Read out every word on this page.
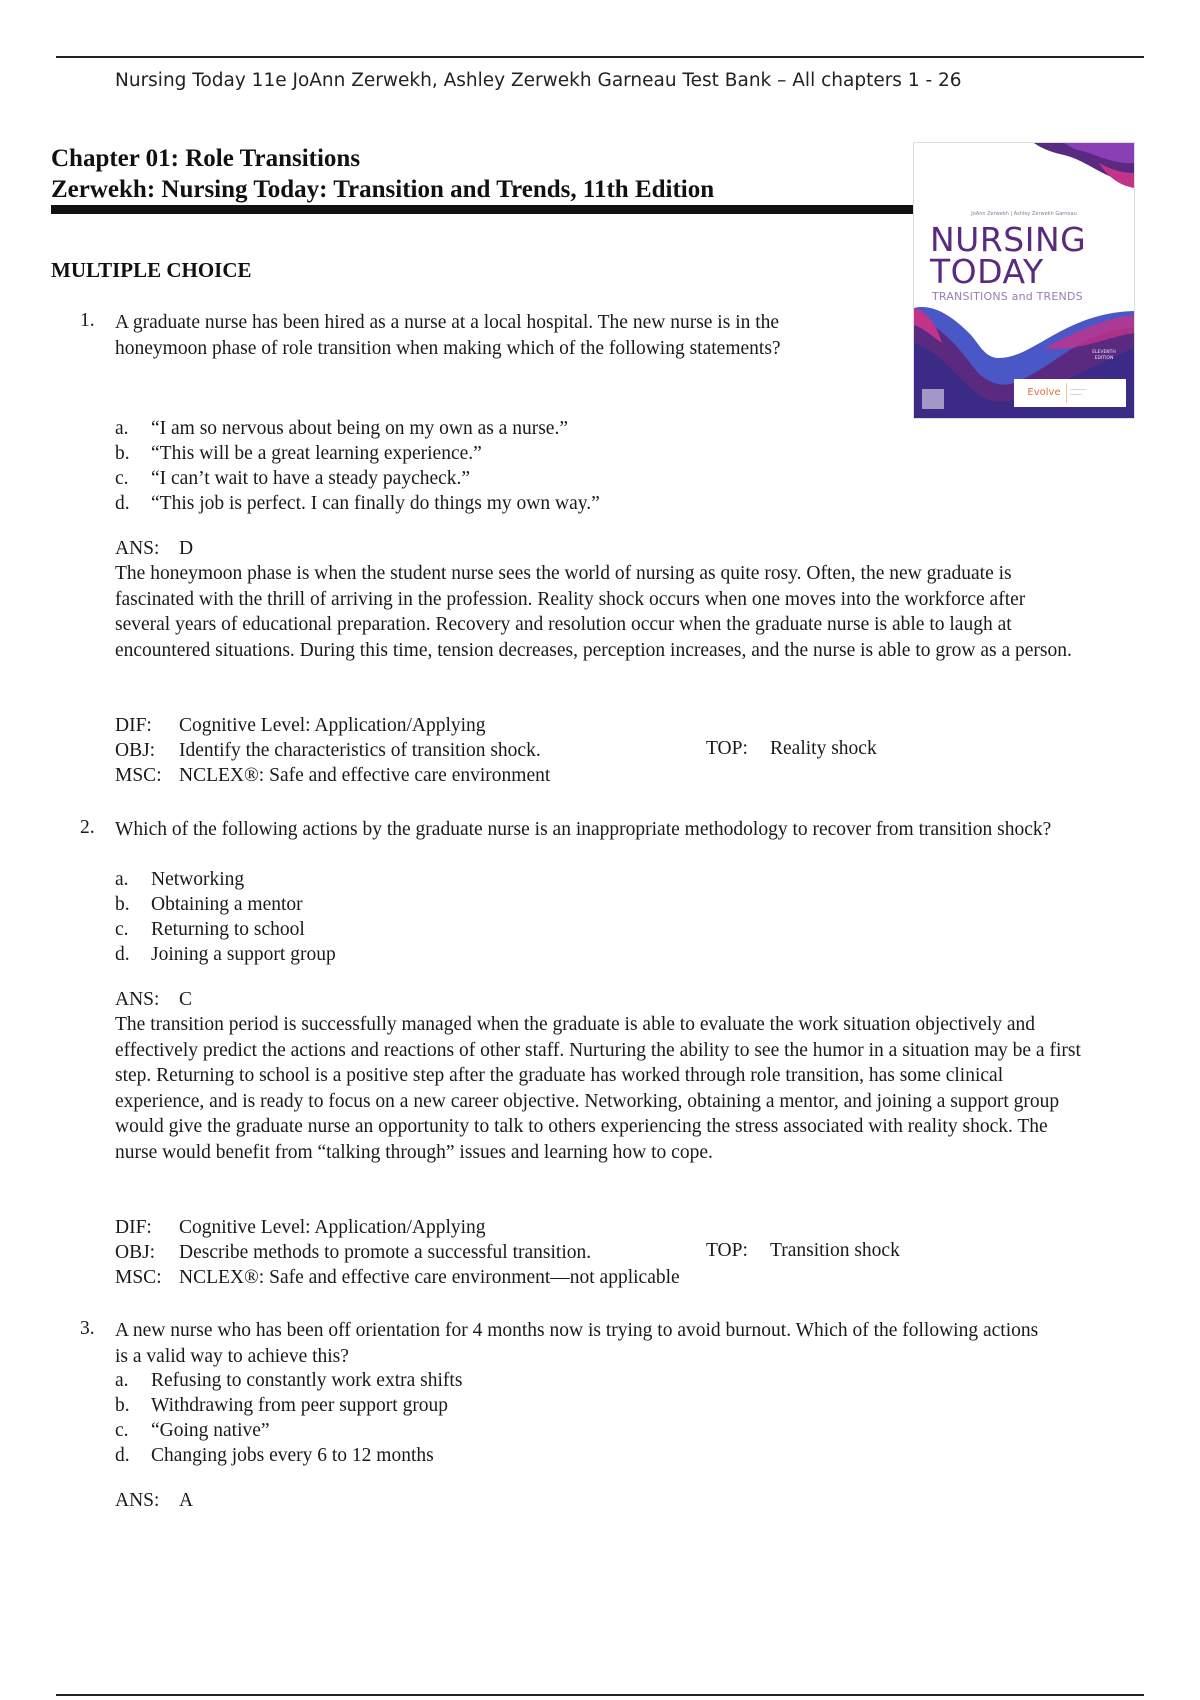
Nursing Today 11e JoAnn Zerwekh, Ashley Zerwekh Garneau Test Bank – All chapters 1 - 26
Chapter 01: Role Transitions
Zerwekh: Nursing Today: Transition and Trends, 11th Edition
MULTIPLE CHOICE
JoAnn Zerwekh | Ashley Zerwekh Garneau
NURSING
TODAY
TRANSITIONS and TRENDS
ELEVENTH EDITION
Evolve	————
———
1. A graduate nurse has been hired as a nurse at a local hospital. The new nurse is in the honeymoon phase of role transition when making which of the following statements?
a. “I am so nervous about being on my own as a nurse.”
b. “This will be a great learning experience.”
c. “I can’t wait to have a steady paycheck.”
d. “This job is perfect. I can finally do things my own way.”
ANS: D
The honeymoon phase is when the student nurse sees the world of nursing as quite rosy. Often, the new graduate is fascinated with the thrill of arriving in the profession. Reality shock occurs when one moves into the workforce after several years of educational preparation. Recovery and resolution occur when the graduate nurse is able to laugh at encountered situations. During this time, tension decreases, perception increases, and the nurse is able to grow as a person.
DIF: Cognitive Level: Application/Applying
OBJ: Identify the characteristics of transition shock.	TOP: Reality shock
MSC: NCLEX®: Safe and effective care environment
2. Which of the following actions by the graduate nurse is an inappropriate methodology to recover from transition shock?
a. Networking
b. Obtaining a mentor
c. Returning to school
d. Joining a support group
ANS: C
The transition period is successfully managed when the graduate is able to evaluate the work situation objectively and effectively predict the actions and reactions of other staff. Nurturing the ability to see the humor in a situation may be a first step. Returning to school is a positive step after the graduate has worked through role transition, has some clinical experience, and is ready to focus on a new career objective. Networking, obtaining a mentor, and joining a support group would give the graduate nurse an opportunity to talk to others experiencing the stress associated with reality shock. The nurse would benefit from “talking through” issues and learning how to cope.
DIF: Cognitive Level: Application/Applying
OBJ: Describe methods to promote a successful transition.	TOP: Transition shock
MSC: NCLEX®: Safe and effective care environment—not applicable
3. A new nurse who has been off orientation for 4 months now is trying to avoid burnout. Which of the following actions is a valid way to achieve this?
a. Refusing to constantly work extra shifts
b. Withdrawing from peer support group
c. “Going native”
d. Changing jobs every 6 to 12 months
ANS: A
